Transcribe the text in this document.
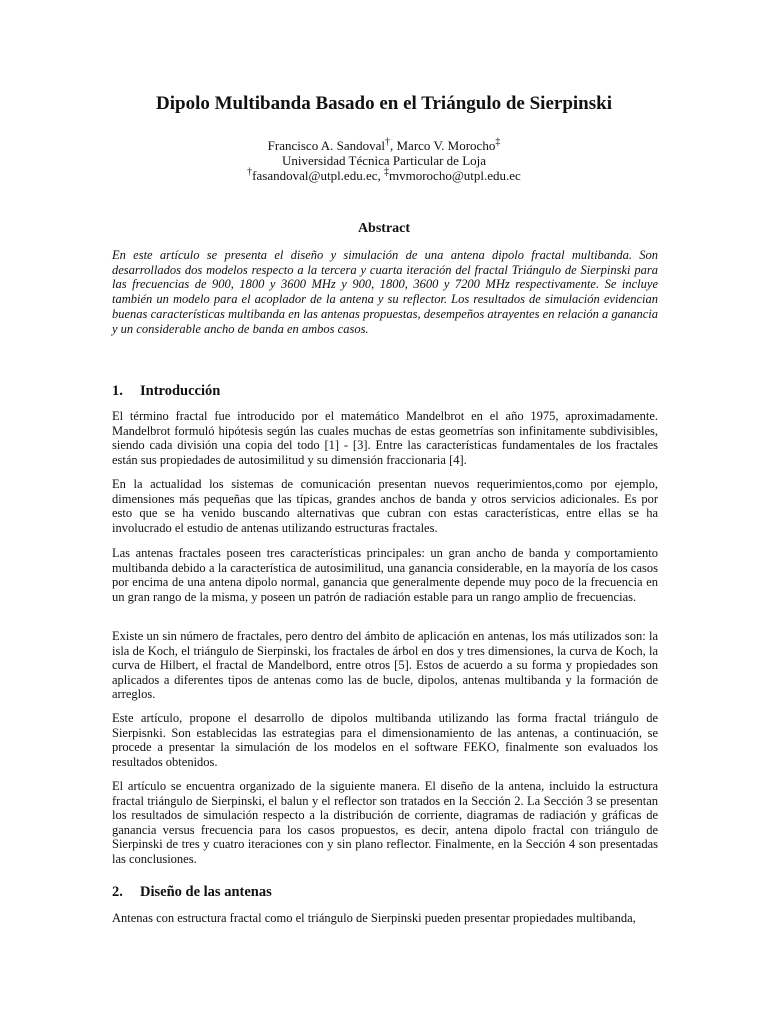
Dipolo Multibanda Basado en el Triángulo de Sierpinski
Francisco A. Sandoval†, Marco V. Morocho‡
Universidad Técnica Particular de Loja
†fasandoval@utpl.edu.ec, ‡mvmorocho@utpl.edu.ec
Abstract

En este artículo se presenta el diseño y simulación de una antena dipolo fractal multibanda. Son desarrollados dos modelos respecto a la tercera y cuarta iteración del fractal Triángulo de Sierpinski para las frecuencias de 900, 1800 y 3600 MHz y 900, 1800, 3600 y 7200 MHz respectivamente. Se incluye también un modelo para el acoplador de la antena y su reflector. Los resultados de simulación evidencian buenas características multibanda en las antenas propuestas, desempeños atrayentes en relación a ganancia y un considerable ancho de banda en ambos casos.

1. Introducción

El término fractal fue introducido por el matemático Mandelbrot en el año 1975, aproximadamente. Mandelbrot formuló hipótesis según las cuales muchas de estas geometrías son infinitamente subdivisibles, siendo cada división una copia del todo [1] - [3]. Entre las características fundamentales de los fractales están sus propiedades de autosimilitud y su dimensión fraccionaria [4].

En la actualidad los sistemas de comunicación presentan nuevos requerimientos,como por ejemplo, dimensiones más pequeñas que las típicas, grandes anchos de banda y otros servicios adicionales. Es por esto que se ha venido buscando alternativas que cubran con estas características, entre ellas se ha involucrado el estudio de antenas utilizando estructuras fractales.

Las antenas fractales poseen tres características principales: un gran ancho de banda y comportamiento multibanda debido a la característica de autosimilitud, una ganancia considerable, en la mayoría de los casos por encima de una antena dipolo normal, ganancia que generalmente depende muy poco de la frecuencia en un gran rango de la misma, y poseen un patrón de radiación estable para un rango amplio de frecuencias.

Existe un sin número de fractales, pero dentro del ámbito de aplicación en antenas, los más utilizados son: la isla de Koch, el triángulo de Sierpinski, los fractales de árbol en dos y tres dimensiones, la curva de Koch, la curva de Hilbert, el fractal de Mandelbord, entre otros [5]. Estos de acuerdo a su forma y propiedades son aplicados a diferentes tipos de antenas como las de bucle, dipolos, antenas multibanda y la formación de arreglos.

Este artículo, propone el desarrollo de dipolos multibanda utilizando las forma fractal triángulo de Sierpisnki. Son establecidas las estrategias para el dimensionamiento de las antenas, a continuación, se procede a presentar la simulación de los modelos en el software FEKO, finalmente son evaluados los resultados obtenidos.

El artículo se encuentra organizado de la siguiente manera. El diseño de la antena, incluido la estructura fractal triángulo de Sierpinski, el balun y el reflector son tratados en la Sección 2. La Sección 3 se presentan los resultados de simulación respecto a la distribución de corriente, diagramas de radiación y gráficas de ganancia versus frecuencia para los casos propuestos, es decir, antena dipolo fractal con triángulo de Sierpinski de tres y cuatro iteraciones con y sin plano reflector. Finalmente, en la Sección 4 son presentadas las conclusiones.

2. Diseño de las antenas

Antenas con estructura fractal como el triángulo de Sierpinski pueden presentar propiedades multibanda,
